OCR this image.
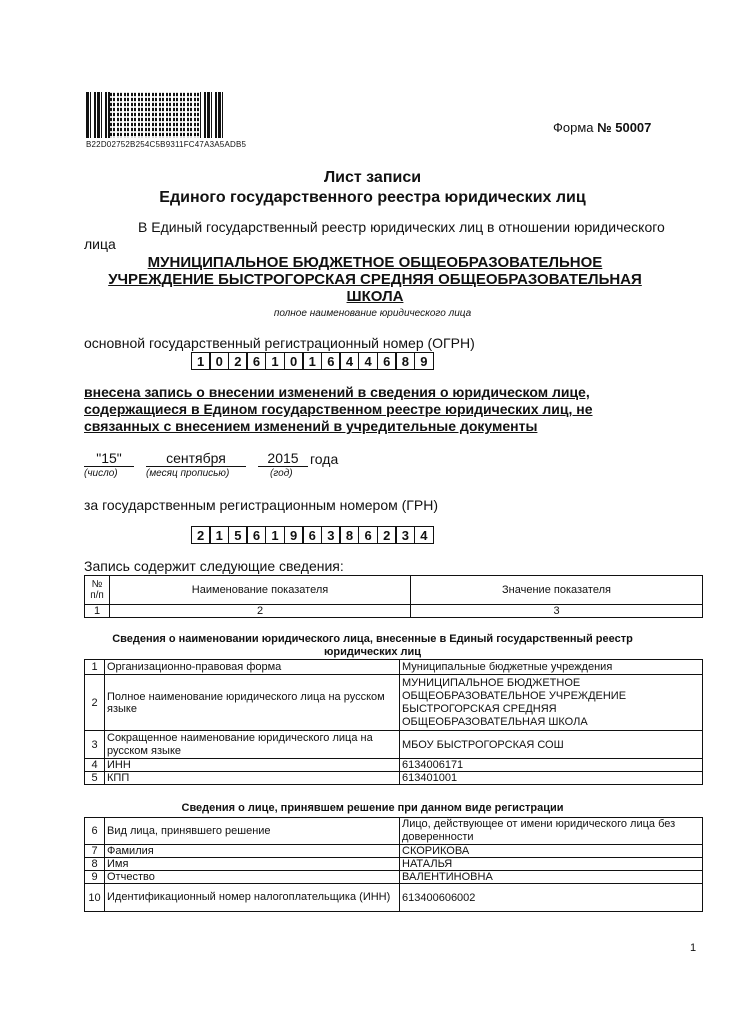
B22D02752B254C5B9311FC47A3A5ADB5
Форма № 50007
Лист записи
Единого государственного реестра юридических лиц
В Единый государственный реестр юридических лиц в отношении юридического
лица
МУНИЦИПАЛЬНОЕ БЮДЖЕТНОЕ ОБЩЕОБРАЗОВАТЕЛЬНОЕ
УЧРЕЖДЕНИЕ БЫСТРОГОРСКАЯ СРЕДНЯЯ ОБЩЕОБРАЗОВАТЕЛЬНАЯ
ШКОЛА
полное наименование юридического лица
основной государственный регистрационный номер (ОГРН)
1 0 2 6 1 0 1 6 4 4 6 8 9
внесена запись о внесении изменений в сведения о юридическом лице,
содержащиеся в Едином государственном реестре юридических лиц, не
связанных с внесением изменений в учредительные документы
"15"	сентября	2015 года
(число)	(месяц прописью)	(год)
за государственным регистрационным номером (ГРН)
2 1 5 6 1 9 6 3 8 6 2 3 4
Запись содержит следующие сведения:
№ п/п	Наименование показателя	Значение показателя
1	2	3
Сведения о наименовании юридического лица, внесенные в Единый государственный реестр
юридических лиц
1	Организационно-правовая форма	Муниципальные бюджетные учреждения
2	Полное наименование юридического лица на русском языке	МУНИЦИПАЛЬНОЕ БЮДЖЕТНОЕ ОБЩЕОБРАЗОВАТЕЛЬНОЕ УЧРЕЖДЕНИЕ БЫСТРОГОРСКАЯ СРЕДНЯЯ ОБЩЕОБРАЗОВАТЕЛЬНАЯ ШКОЛА
3	Сокращенное наименование юридического лица на русском языке	МБОУ БЫСТРОГОРСКАЯ СОШ
4	ИНН	6134006171
5	КПП	613401001
Сведения о лице, принявшем решение при данном виде регистрации
6	Вид лица, принявшего решение	Лицо, действующее от имени юридического лица без доверенности
7	Фамилия	СКОРИКОВА
8	Имя	НАТАЛЬЯ
9	Отчество	ВАЛЕНТИНОВНА
10	Идентификационный номер налогоплательщика (ИНН)	613400606002
1
